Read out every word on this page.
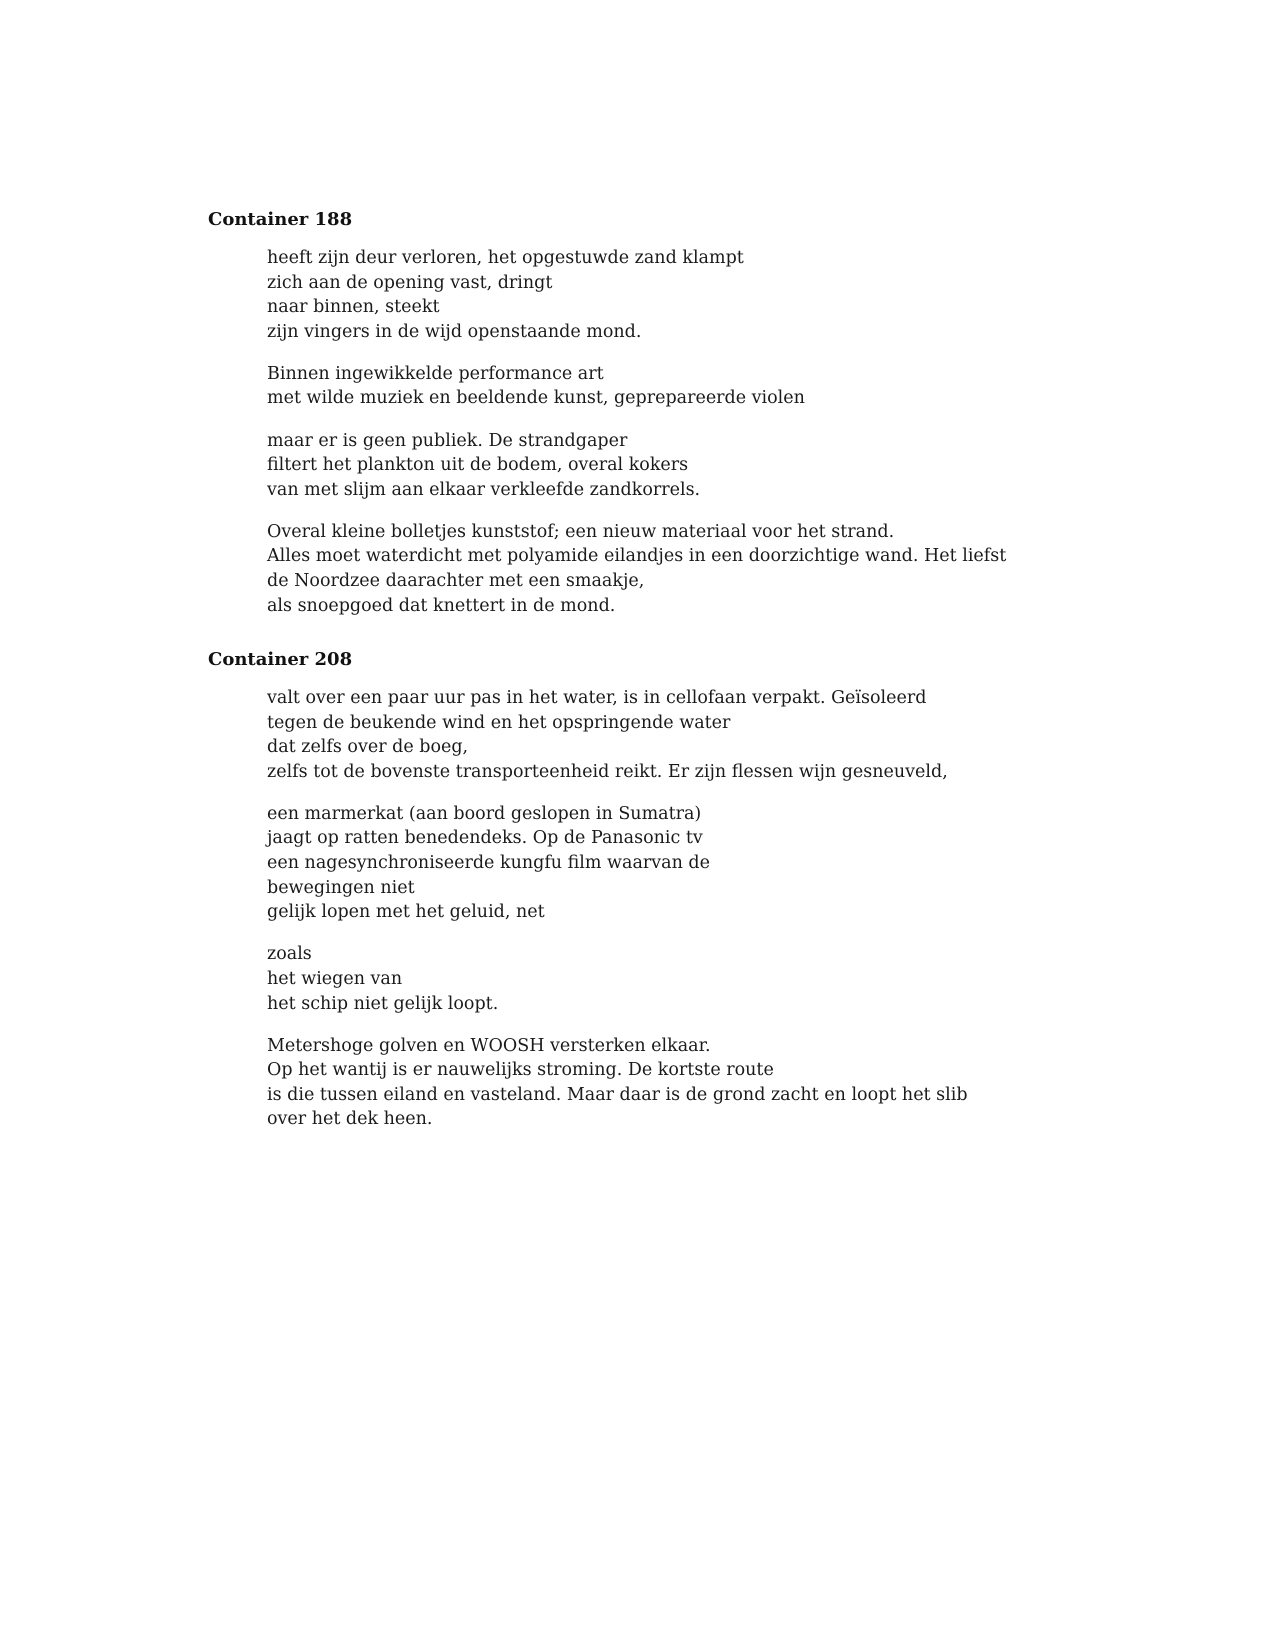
Container 188
heeft zijn deur verloren, het opgestuwde zand klampt
zich aan de opening vast, dringt
naar binnen, steekt
zijn vingers in de wijd openstaande mond.
Binnen ingewikkelde performance art
met wilde muziek en beeldende kunst, geprepareerde violen
maar er is geen publiek. De strandgaper
filtert het plankton uit de bodem, overal kokers
van met slijm aan elkaar verkleefde zandkorrels.
Overal kleine bolletjes kunststof; een nieuw materiaal voor het strand.
Alles moet waterdicht met polyamide eilandjes in een doorzichtige wand. Het liefst
de Noordzee daarachter met een smaakje,
als snoepgoed dat knettert in de mond.
Container 208
valt over een paar uur pas in het water, is in cellofaan verpakt. Geïsoleerd
tegen de beukende wind en het opspringende water
dat zelfs over de boeg,
zelfs tot de bovenste transporteenheid reikt. Er zijn flessen wijn gesneuveld,
een marmerkat (aan boord geslopen in Sumatra)
jaagt op ratten benedendeks. Op de Panasonic tv
een nagesynchroniseerde kungfu film waarvan de
bewegingen niet
gelijk lopen met het geluid, net
zoals
het wiegen van
het schip niet gelijk loopt.
Metershoge golven en WOOSH versterken elkaar.
Op het wantij is er nauwelijks stroming. De kortste route
is die tussen eiland en vasteland. Maar daar is de grond zacht en loopt het slib
over het dek heen.
